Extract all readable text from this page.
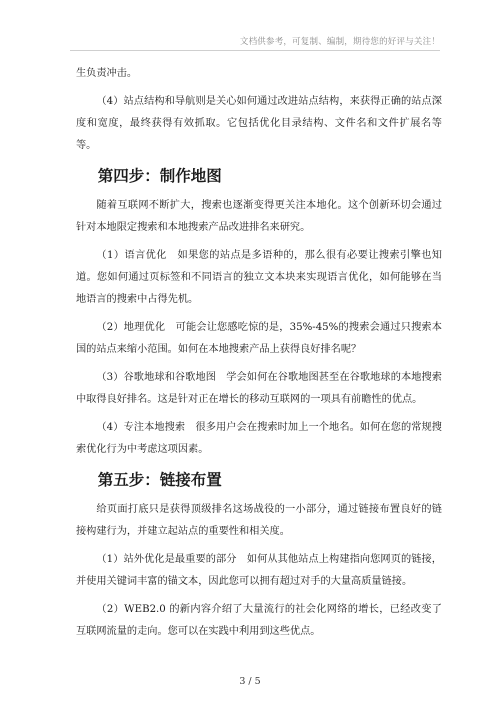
文档供参考，可复制、编制，期待您的好评与关注！

生负责冲击。

（4）站点结构和导航则是关心如何通过改进站点结构，来获得正确的站点深度和宽度，最终获得有效抓取。它包括优化目录结构、文件名和文件扩展名等等。

第四步：制作地图

随着互联网不断扩大，搜索也逐渐变得更关注本地化。这个创新环切会通过针对本地限定搜索和本地搜索产品改进排名来研究。

（1）语言优化　如果您的站点是多语种的，那么很有必要让搜索引擎也知道。您如何通过页标签和不同语言的独立文本块来实现语言优化，如何能够在当地语言的搜索中占得先机。

（2）地理优化　可能会让您感吃惊的是，35%-45%的搜索会通过只搜索本国的站点来缩小范围。如何在本地搜索产品上获得良好排名呢？

（3）谷歌地球和谷歌地图　学会如何在谷歌地图甚至在谷歌地球的本地搜索中取得良好排名。这是针对正在增长的移动互联网的一项具有前瞻性的优点。

（4）专注本地搜索　很多用户会在搜索时加上一个地名。如何在您的常规搜索优化行为中考虑这项因素。

第五步：链接布置

给页面打底只是获得顶级排名这场战役的一小部分，通过链接布置良好的链接构建行为，并建立起站点的重要性和相关度。

（1）站外优化是最重要的部分　如何从其他站点上构建指向您网页的链接，并使用关键词丰富的锚文本，因此您可以拥有超过对手的大量高质量链接。

（2）WEB2.0 的新内容介绍了大量流行的社会化网络的增长，已经改变了互联网流量的走向。您可以在实践中利用到这些优点。

3 / 5
